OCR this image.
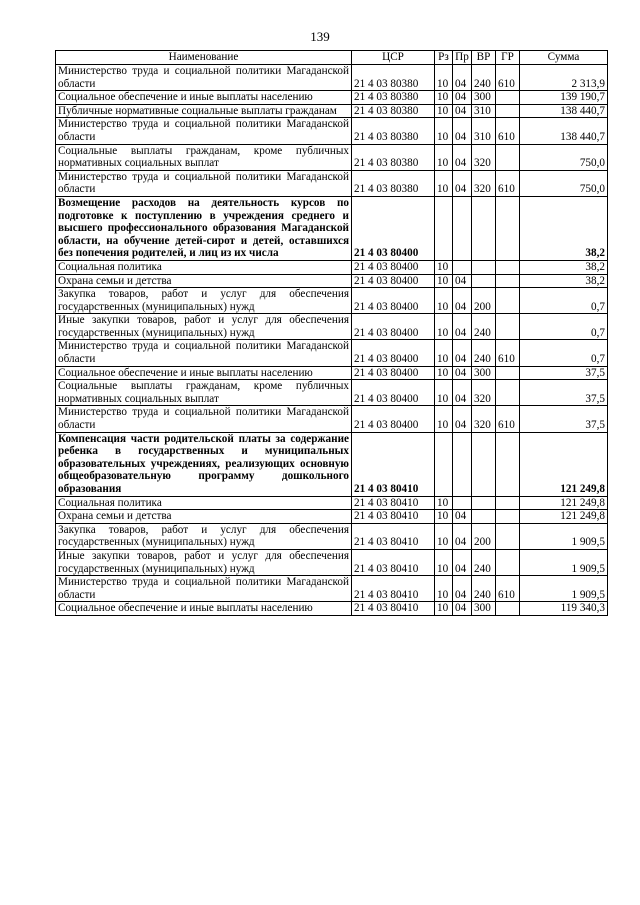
139
Наименование	ЦСР	Рз	Пр	ВР	ГР	Сумма
Министерство труда и социальной политики Магаданской области	21 4 03 80380	10	04	240	610	2 313,9
Социальное обеспечение и иные выплаты населению	21 4 03 80380	10	04	300		139 190,7
Публичные нормативные социальные выплаты гражданам	21 4 03 80380	10	04	310		138 440,7
Министерство труда и социальной политики Магаданской области	21 4 03 80380	10	04	310	610	138 440,7
Социальные выплаты гражданам, кроме публичных нормативных социальных выплат	21 4 03 80380	10	04	320		750,0
Министерство труда и социальной политики Магаданской области	21 4 03 80380	10	04	320	610	750,0
Возмещение расходов на деятельность курсов по подготовке к поступлению в учреждения среднего и высшего профессионального образования Магаданской области, на обучение детей-сирот и детей, оставшихся без попечения родителей, и лиц из их числа	21 4 03 80400					38,2
Социальная политика	21 4 03 80400	10				38,2
Охрана семьи и детства	21 4 03 80400	10	04			38,2
Закупка товаров, работ и услуг для обеспечения государственных (муниципальных) нужд	21 4 03 80400	10	04	200		0,7
Иные закупки товаров, работ и услуг для обеспечения государственных (муниципальных) нужд	21 4 03 80400	10	04	240		0,7
Министерство труда и социальной политики Магаданской области	21 4 03 80400	10	04	240	610	0,7
Социальное обеспечение и иные выплаты населению	21 4 03 80400	10	04	300		37,5
Социальные выплаты гражданам, кроме публичных нормативных социальных выплат	21 4 03 80400	10	04	320		37,5
Министерство труда и социальной политики Магаданской области	21 4 03 80400	10	04	320	610	37,5
Компенсация части родительской платы за содержание ребенка в государственных и муниципальных образовательных учреждениях, реализующих основную общеобразовательную программу дошкольного образования	21 4 03 80410					121 249,8
Социальная политика	21 4 03 80410	10				121 249,8
Охрана семьи и детства	21 4 03 80410	10	04			121 249,8
Закупка товаров, работ и услуг для обеспечения государственных (муниципальных) нужд	21 4 03 80410	10	04	200		1 909,5
Иные закупки товаров, работ и услуг для обеспечения государственных (муниципальных) нужд	21 4 03 80410	10	04	240		1 909,5
Министерство труда и социальной политики Магаданской области	21 4 03 80410	10	04	240	610	1 909,5
Социальное обеспечение и иные выплаты населению	21 4 03 80410	10	04	300		119 340,3
